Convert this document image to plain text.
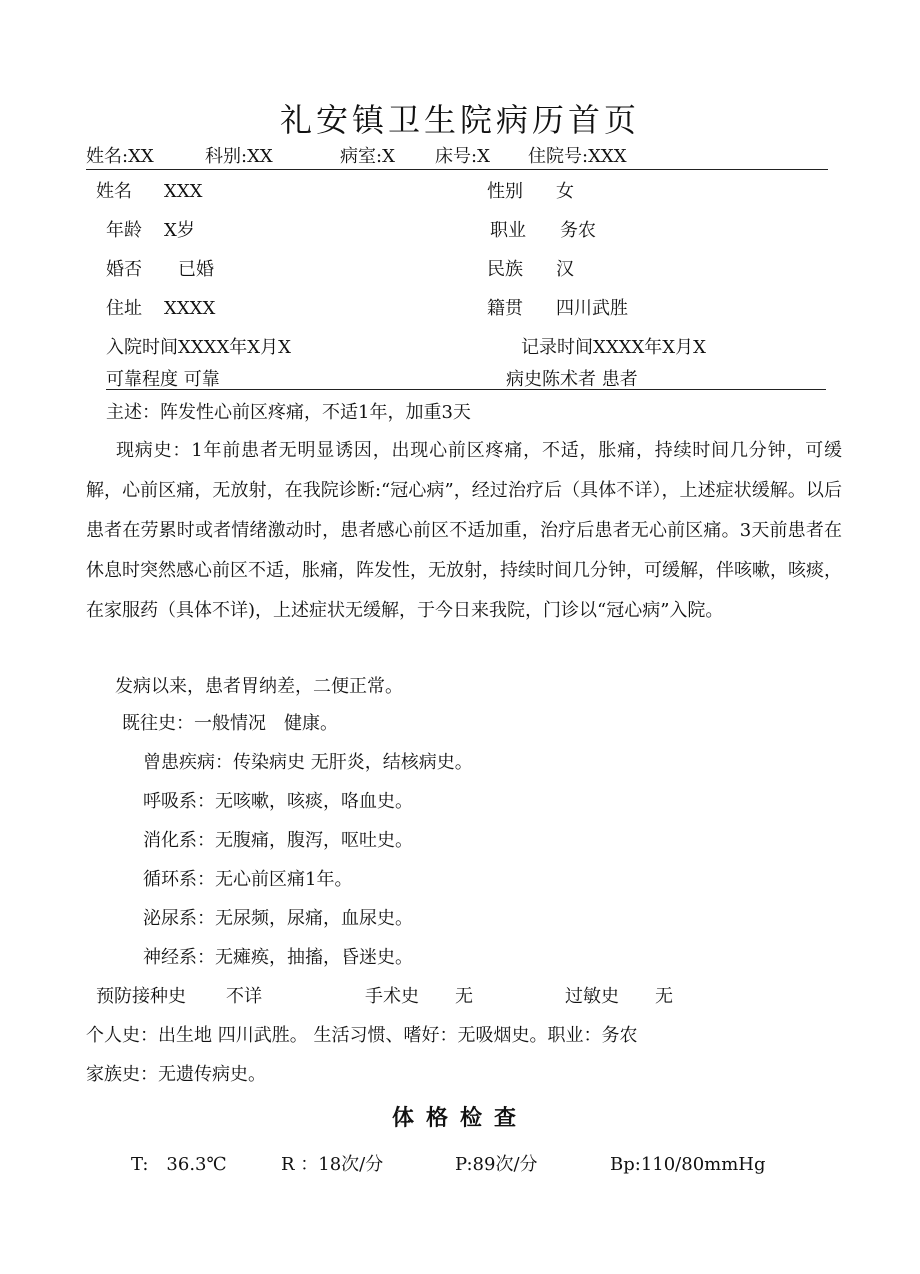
礼安镇卫生院病历首页
姓名:XX	科别:XX	病室:X 床号:X 住院号:XXX
姓名 XXX	性别 女
年龄 X岁	职业 务农
婚否 已婚	民族 汉
住址 XXXX	籍贯 四川武胜
入院时间XXXX年X月X	记录时间XXXX年X月X
可靠程度 可靠	病史陈术者 患者
主述：阵发性心前区疼痛，不适1年，加重3天

现病史：1年前患者无明显诱因，出现心前区疼痛，不适，胀痛，持续时间几分钟，可缓解，心前区痛，无放射，在我院诊断:“冠心病”，经过治疗后（具体不详），上述症状缓解。以后患者在劳累时或者情绪激动时，患者感心前区不适加重，治疗后患者无心前区痛。3天前患者在休息时突然感心前区不适，胀痛，阵发性，无放射，持续时间几分钟，可缓解，伴咳嗽，咳痰，在家服药（具体不详)，上述症状无缓解，于今日来我院，门诊以“冠心病”入院。

发病以来，患者胃纳差，二便正常。
既往史：一般情况　健康。
曾患疾病：传染病史 无肝炎，结核病史。
呼吸系：无咳嗽，咳痰，咯血史。
消化系：无腹痛，腹泻，呕吐史。
循环系：无心前区痛1年。
泌尿系：无尿频，尿痛，血尿史。
神经系：无瘫痪，抽搐，昏迷史。
预防接种史 不详	手术史 无	过敏史 无
个人史：出生地 四川武胜。 生活习惯、嗜好：无吸烟史。职业：务农
家族史：无遗传病史。
体格检查
T:　36.3℃	R ：18次/分	P:89次/分	Bp:110/80mmHg
